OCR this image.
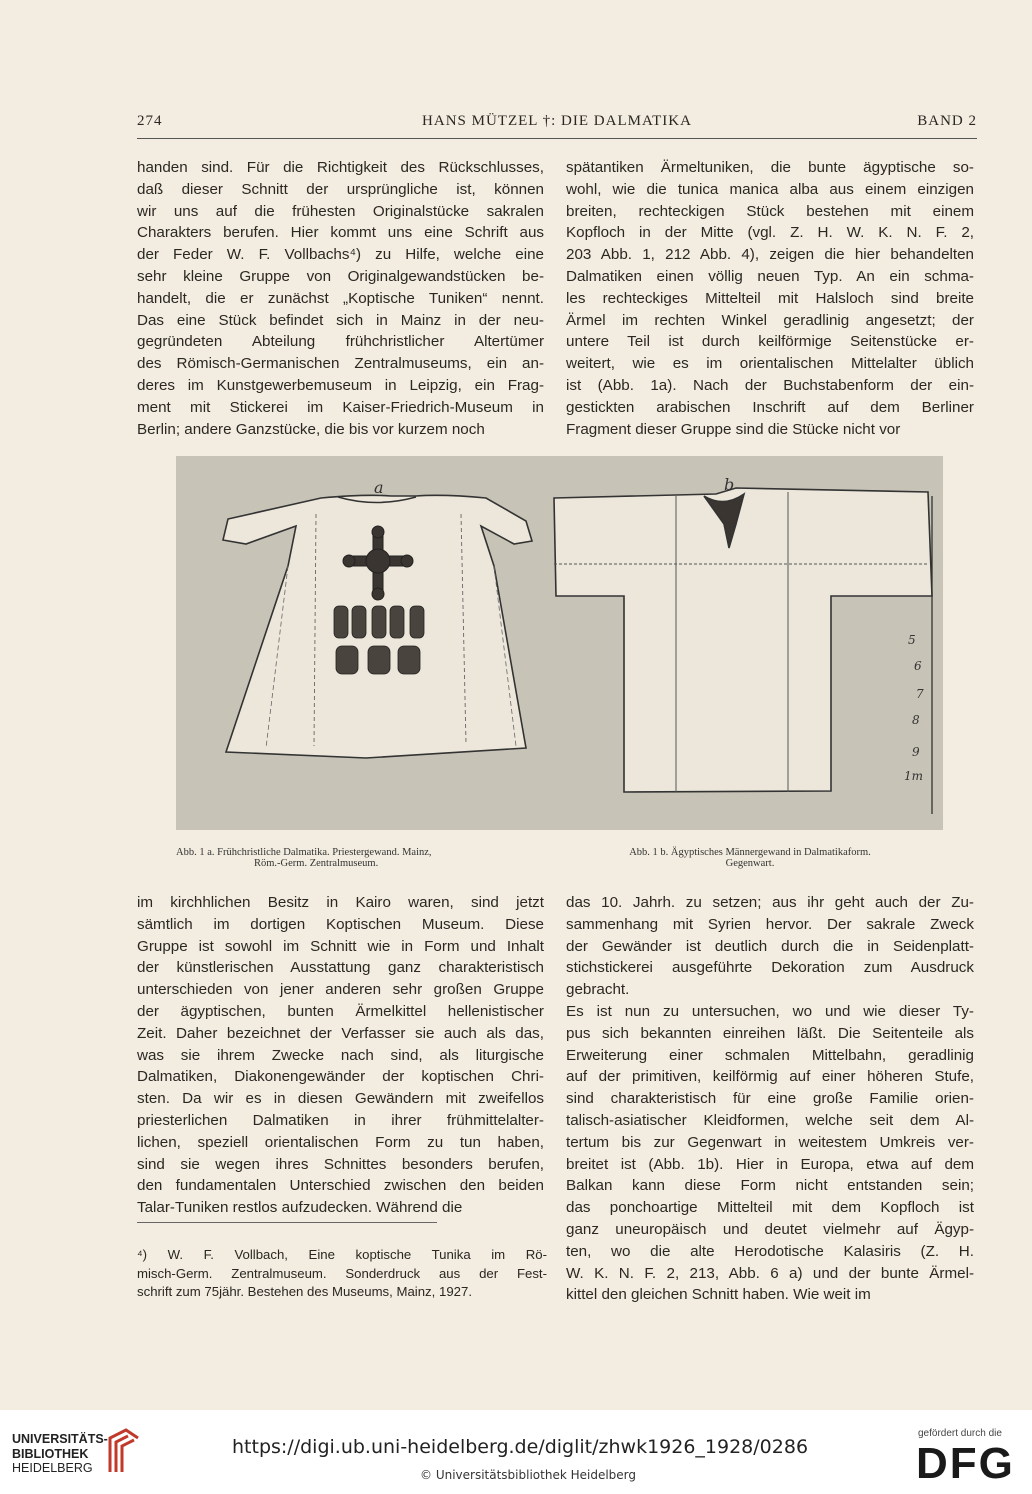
274	HANS MÜTZEL †: DIE DALMATIKA	BAND 2
handen sind. Für die Richtigkeit des Rückschlusses,
daß dieser Schnitt der ursprüngliche ist, können
wir uns auf die frühesten Originalstücke sakralen
Charakters berufen. Hier kommt uns eine Schrift aus
der Feder W. F. Vollbachs⁴) zu Hilfe, welche eine
sehr kleine Gruppe von Originalgewandstücken be-
handelt, die er zunächst „Koptische Tuniken“ nennt.
Das eine Stück befindet sich in Mainz in der neu-
gegründeten Abteilung frühchristlicher Altertümer
des Römisch-Germanischen Zentralmuseums, ein an-
deres im Kunstgewerbemuseum in Leipzig, ein Frag-
ment mit Stickerei im Kaiser-Friedrich-Museum in
Berlin; andere Ganzstücke, die bis vor kurzem noch
spätantiken Ärmeltuniken, die bunte ägyptische so-
wohl, wie die tunica manica alba aus einem einzigen
breiten, rechteckigen Stück bestehen mit einem
Kopfloch in der Mitte (vgl. Z. H. W. K. N. F. 2,
203 Abb. 1, 212 Abb. 4), zeigen die hier behandelten
Dalmatiken einen völlig neuen Typ. An ein schma-
les rechteckiges Mittelteil mit Halsloch sind breite
Ärmel im rechten Winkel geradlinig angesetzt; der
untere Teil ist durch keilförmige Seitenstücke er-
weitert, wie es im orientalischen Mittelalter üblich
ist (Abb. 1a). Nach der Buchstabenform der ein-
gestickten arabischen Inschrift auf dem Berliner
Fragment dieser Gruppe sind die Stücke nicht vor
a	b
5
6
7
8
9
1m
Abb. 1 a. Frühchristliche Dalmatika. Priestergewand. Mainz,
Röm.-Germ. Zentralmuseum.
Abb. 1 b. Ägyptisches Männergewand in Dalmatikaform.
Gegenwart.
im kirchhlichen Besitz in Kairo waren, sind jetzt
sämtlich im dortigen Koptischen Museum. Diese
Gruppe ist sowohl im Schnitt wie in Form und Inhalt
der künstlerischen Ausstattung ganz charakteristisch
unterschieden von jener anderen sehr großen Gruppe
der ägyptischen, bunten Ärmelkittel hellenistischer
Zeit. Daher bezeichnet der Verfasser sie auch als das,
was sie ihrem Zwecke nach sind, als liturgische
Dalmatiken, Diakonengewänder der koptischen Chri-
sten. Da wir es in diesen Gewändern mit zweifellos
priesterlichen Dalmatiken in ihrer frühmittelalter-
lichen, speziell orientalischen Form zu tun haben,
sind sie wegen ihres Schnittes besonders berufen,
den fundamentalen Unterschied zwischen den beiden
Talar-Tuniken restlos aufzudecken. Während die
das 10. Jahrh. zu setzen; aus ihr geht auch der Zu-
sammenhang mit Syrien hervor. Der sakrale Zweck
der Gewänder ist deutlich durch die in Seidenplatt-
stichstickerei ausgeführte Dekoration zum Ausdruck
gebracht.
Es ist nun zu untersuchen, wo und wie dieser Ty-
pus sich bekannten einreihen läßt. Die Seitenteile als
Erweiterung einer schmalen Mittelbahn, geradlinig
auf der primitiven, keilförmig auf einer höheren Stufe,
sind charakteristisch für eine große Familie orien-
talisch-asiatischer Kleidformen, welche seit dem Al-
tertum bis zur Gegenwart in weitestem Umkreis ver-
breitet ist (Abb. 1b). Hier in Europa, etwa auf dem
Balkan kann diese Form nicht entstanden sein;
das ponchoartige Mittelteil mit dem Kopfloch ist
ganz uneuropäisch und deutet vielmehr auf Ägyp-
ten, wo die alte Herodotische Kalasiris (Z. H.
W. K. N. F. 2, 213, Abb. 6 a) und der bunte Ärmel-
kittel den gleichen Schnitt haben. Wie weit im
⁴) W. F. Vollbach, Eine koptische Tunika im Rö-
misch-Germ. Zentralmuseum. Sonderdruck aus der Fest-
schrift zum 75jähr. Bestehen des Museums, Mainz, 1927.
UNIVERSITÄTS-
BIBLIOTHEK
HEIDELBERG
https://digi.ub.uni-heidelberg.de/diglit/zhwk1926_1928/0286
© Universitätsbibliothek Heidelberg
gefördert durch die
DFG
